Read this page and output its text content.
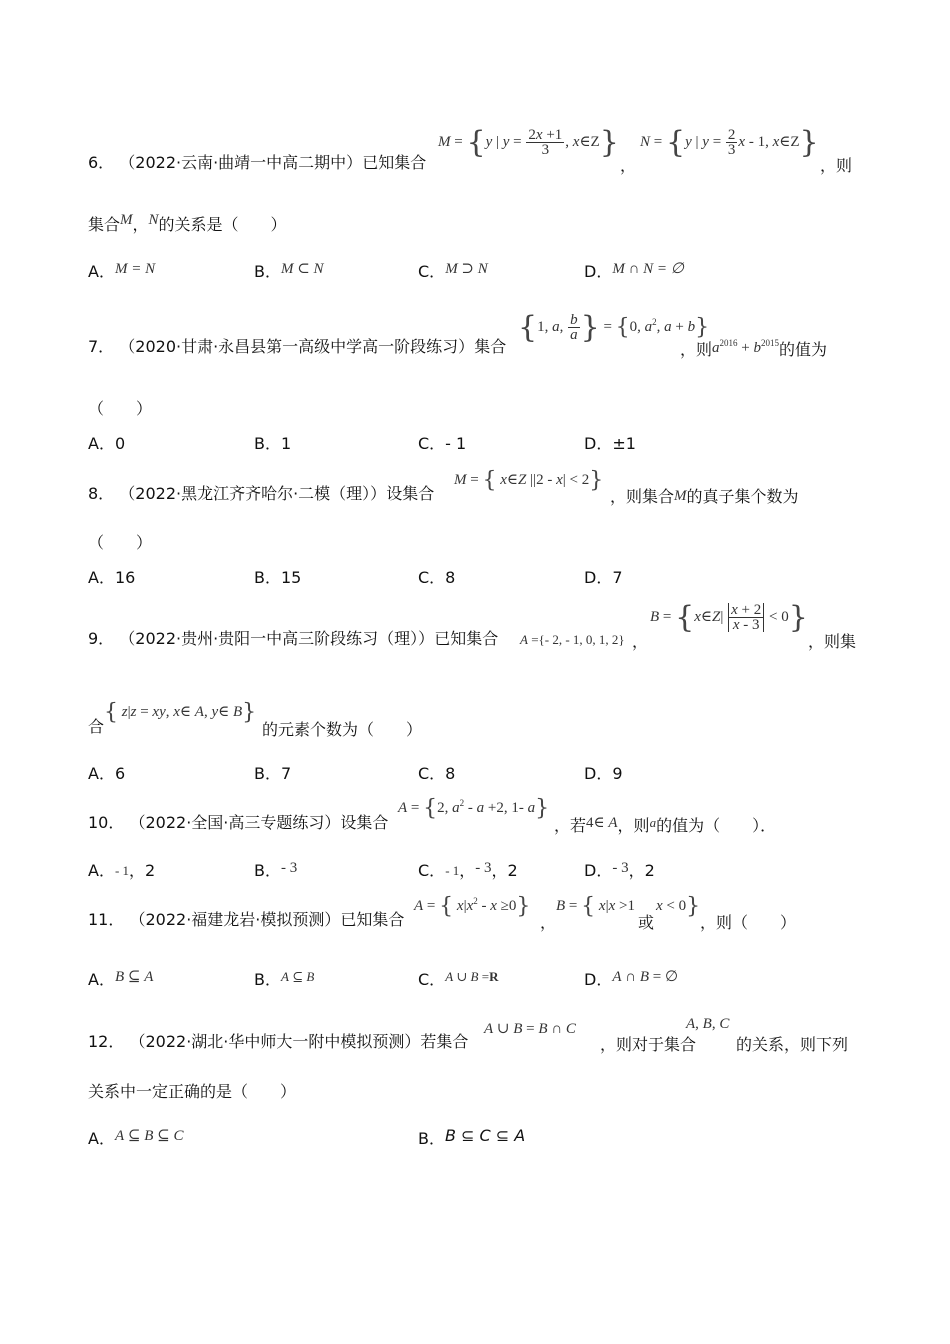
6． （2022·云南·曲靖一中高二期中）已知集合
M = {y | $y = \frac{2x +1}{3}$ , x∈Z}
，
N = {y | $y = \frac{2}{3}$ x - 1, x∈Z}
，则
集合M，N的关系是（　　）
A．M = N	B．M ⊂ N	C．M ⊃ N	D．M ∩ N = ∅
7． （2020·甘肃·永昌县第一高级中学高一阶段练习）集合
{1, a, $\frac{b}{a}$ } = {0, $a^2$, a + b}
，则$a^{2016} + b^{2015}$的值为
（　　）
A．0	B．1	C．- 1	D．±1
8． （2022·黑龙江齐齐哈尔·二模（理））设集合
M = { x∈Z ||2 - x| < 2}
，则集合M的真子集个数为
（　　）
A．16	B．15	C．8	D．7
9． （2022·贵州·贵阳一中高三阶段练习（理））已知集合 A ={- 2, - 1, 0, 1, 2} ，
B = {x∈Z| $\frac{x + 2}{x - 3} < 0$}
，则集
合
{ z|z = xy, x∈ A, y∈ B}
的元素个数为（　　）
A．6	B．7	C．8	D．9
10． （2022·全国·高三专题练习）设集合
A = {2, $a^2 - a +2$, 1- a}
，若4∈ A，则$^a$的值为（　　）．
A．- 1，2	B．- 3	C．- 1，- 3，2	D．- 3，2
11． （2022·福建龙岩·模拟预测）已知集合
A = { $x|x^2 - x \ge 0$}
，
B = { x|x >1
或
x < 0}
，则（　　）
A．B ⊆ A	B．$^{A ⊆ B}$	C．$^{A \cup B =R}$	D．A ∩ B = ∅
12． （2022·湖北·华中师大一附中模拟预测）若集合
A ∪ B = B ∩ C
，则对于集合
A, B, C
的关系，则下列
关系中一定正确的是（　　）
A．A ⊆ B ⊆ C	B．B ⊆ C ⊆ A
